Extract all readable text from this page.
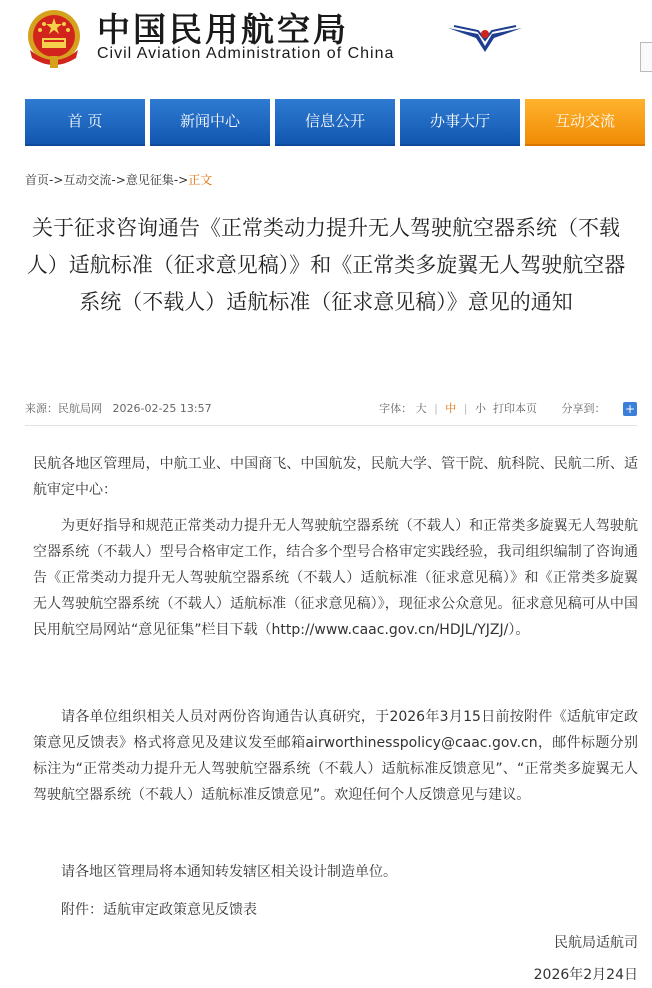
中国民用航空局
Civil Aviation Administration of China
首 页	新闻中心	信息公开	办事大厅	互动交流
首页->互动交流->意见征集->正文
关于征求咨询通告《正常类动力提升无人驾驶航空器系统（不载人）适航标准（征求意见稿）》和《正常类多旋翼无人驾驶航空器系统（不载人）适航标准（征求意见稿）》意见的通知
来源：民航局网 2026-02-25 13:57	字体： 大 | 中 | 小 打印本页 分享到： +

民航各地区管理局，中航工业、中国商飞、中国航发，民航大学、管干院、航科院、民航二所、适航审定中心：

为更好指导和规范正常类动力提升无人驾驶航空器系统（不载人）和正常类多旋翼无人驾驶航空器系统（不载人）型号合格审定工作，结合多个型号合格审定实践经验，我司组织编制了咨询通告《正常类动力提升无人驾驶航空器系统（不载人）适航标准（征求意见稿）》和《正常类多旋翼无人驾驶航空器系统（不载人）适航标准（征求意见稿）》，现征求公众意见。征求意见稿可从中国民用航空局网站“意见征集”栏目下载（http://www.caac.gov.cn/HDJL/YJZJ/）。

请各单位组织相关人员对两份咨询通告认真研究，于2026年3月15日前按附件《适航审定政策意见反馈表》格式将意见及建议发至邮箱airworthinesspolicy@caac.gov.cn，邮件标题分别标注为“正常类动力提升无人驾驶航空器系统（不载人）适航标准反馈意见”、“正常类多旋翼无人驾驶航空器系统（不载人）适航标准反馈意见”。欢迎任何个人反馈意见与建议。

请各地区管理局将本通知转发辖区相关设计制造单位。

附件：适航审定政策意见反馈表

民航局适航司
2026年2月24日
